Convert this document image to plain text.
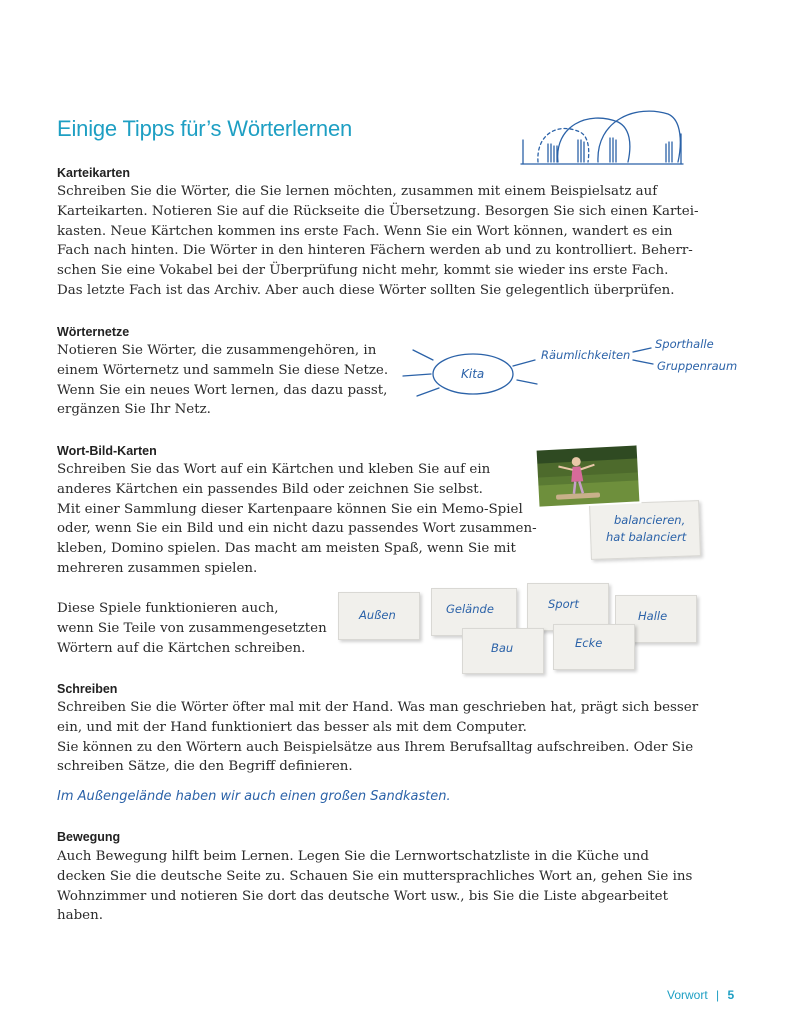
Einige Tipps für’s Wörterlernen
Karteikarten
Schreiben Sie die Wörter, die Sie lernen möchten, zusammen mit einem Beispielsatz auf
Karteikarten. Notieren Sie auf die Rückseite die Übersetzung. Besorgen Sie sich einen Kartei-
kasten. Neue Kärtchen kommen ins erste Fach. Wenn Sie ein Wort können, wandert es ein
Fach nach hinten. Die Wörter in den hinteren Fächern werden ab und zu kontrolliert. Beherr-
schen Sie eine Vokabel bei der Überprüfung nicht mehr, kommt sie wieder ins erste Fach.
Das letzte Fach ist das Archiv. Aber auch diese Wörter sollten Sie gelegentlich überprüfen.
Wörternetze
Notieren Sie Wörter, die zusammengehören, in
einem Wörternetz und sammeln Sie diese Netze.
Wenn Sie ein neues Wort lernen, das dazu passt,
ergänzen Sie Ihr Netz.
Kita
Räumlichkeiten
Sporthalle
Gruppenraum
Wort-Bild-Karten
Schreiben Sie das Wort auf ein Kärtchen und kleben Sie auf ein
anderes Kärtchen ein passendes Bild oder zeichnen Sie selbst.
Mit einer Sammlung dieser Kartenpaare können Sie ein Memo-Spiel
oder, wenn Sie ein Bild und ein nicht dazu passendes Wort zusammen-
kleben, Domino spielen. Das macht am meisten Spaß, wenn Sie mit
mehreren zusammen spielen.
Diese Spiele funktionieren auch,
wenn Sie Teile von zusammengesetzten
Wörtern auf die Kärtchen schreiben.
balancieren,
hat balanciert
Außen	Gelände	Sport
Halle
Bau	Ecke
Schreiben
Schreiben Sie die Wörter öfter mal mit der Hand. Was man geschrieben hat, prägt sich besser
ein, und mit der Hand funktioniert das besser als mit dem Computer.
Sie können zu den Wörtern auch Beispielsätze aus Ihrem Berufsalltag aufschreiben. Oder Sie
schreiben Sätze, die den Begriff definieren.
Im Außengelände haben wir auch einen großen Sandkasten.
Bewegung
Auch Bewegung hilft beim Lernen. Legen Sie die Lernwortschatzliste in die Küche und
decken Sie die deutsche Seite zu. Schauen Sie ein muttersprachliches Wort an, gehen Sie ins
Wohnzimmer und notieren Sie dort das deutsche Wort usw., bis Sie die Liste abgearbeitet
haben.
Vorwort | 5
